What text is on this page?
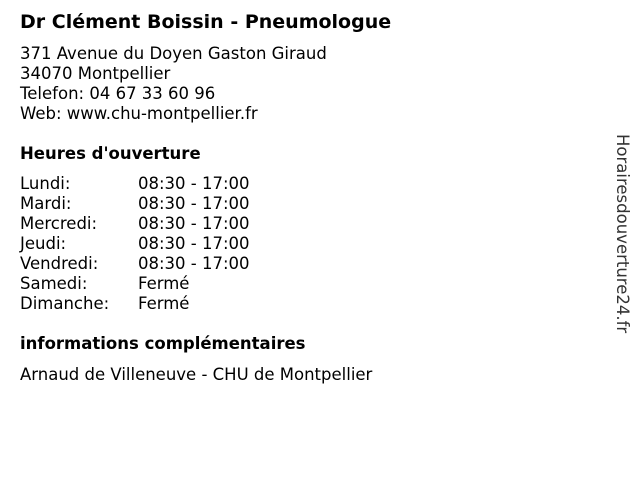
Dr Clément Boissin - Pneumologue
371 Avenue du Doyen Gaston Giraud
34070 Montpellier
Telefon: 04 67 33 60 96
Web: www.chu-montpellier.fr
Heures d'ouverture
Lundi:	08:30 - 17:00
Mardi:	08:30 - 17:00
Mercredi:	08:30 - 17:00
Jeudi:	08:30 - 17:00
Vendredi:	08:30 - 17:00
Samedi:	Fermé
Dimanche:	Fermé
informations complémentaires
Arnaud de Villeneuve - CHU de Montpellier
Horairesdouverture24.fr
